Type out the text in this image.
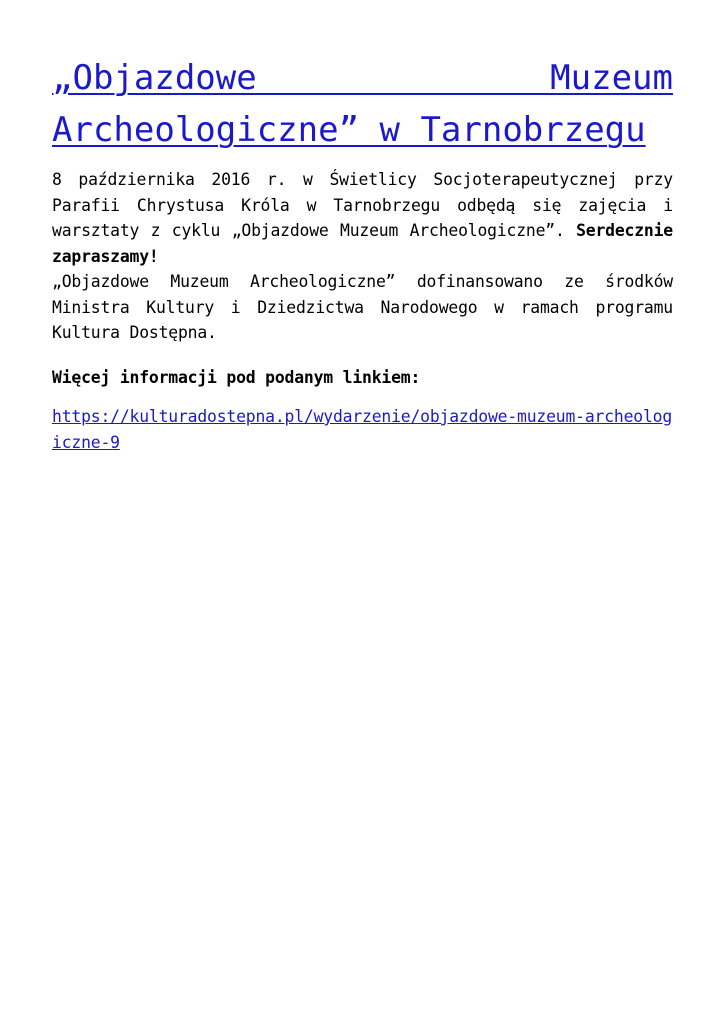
„Objazdowe Muzeum Archeologiczne” w Tarnobrzegu

8 października 2016 r. w Świetlicy Socjoterapeutycznej przy Parafii Chrystusa Króla w Tarnobrzegu odbędą się zajęcia i warsztaty z cyklu „Objazdowe Muzeum Archeologiczne”. Serdecznie zapraszamy!
„Objazdowe Muzeum Archeologiczne” dofinansowano ze środków Ministra Kultury i Dziedzictwa Narodowego w ramach programu Kultura Dostępna.

Więcej informacji pod podanym linkiem:

https://kulturadostepna.pl/wydarzenie/objazdowe-muzeum-archeologiczne-9
